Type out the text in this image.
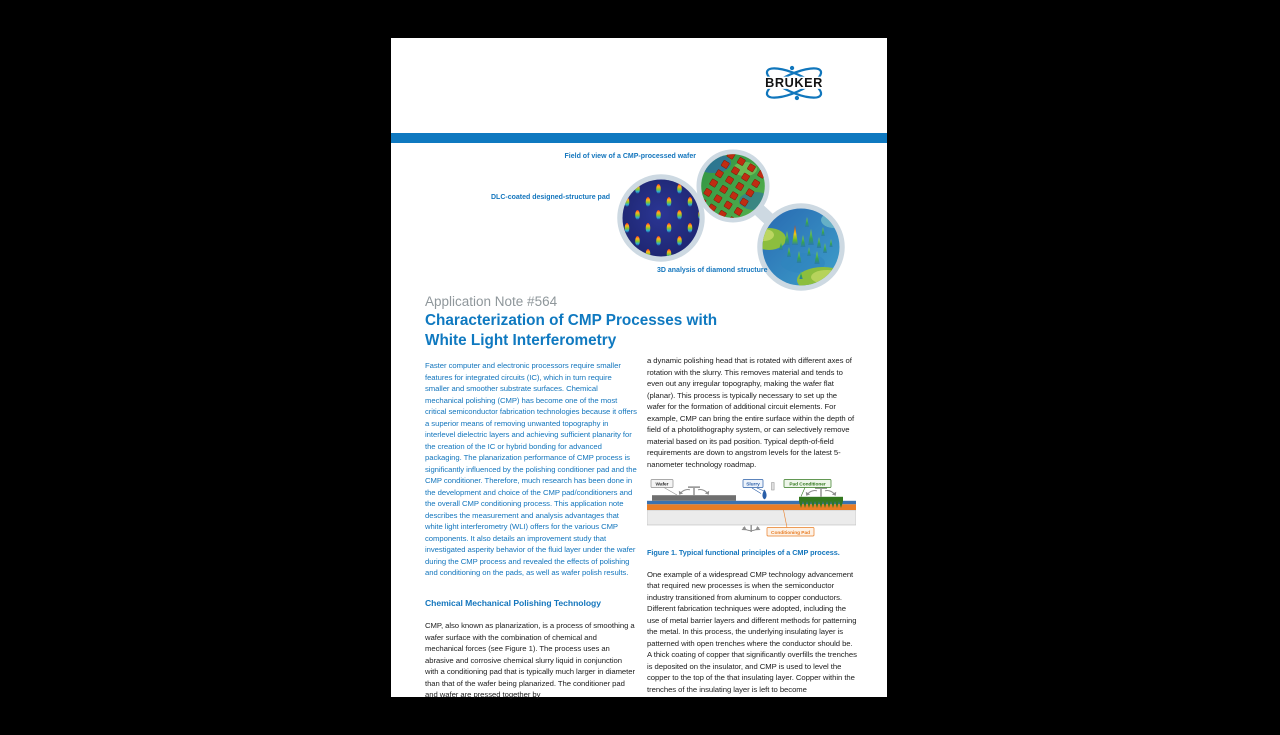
BRUKER
Field of view of a CMP-processed wafer
DLC-coated designed-structure pad
3D analysis of diamond structure
Application Note #564
Characterization of CMP Processes with
White Light Interferometry

Faster computer and electronic processors require smaller features for integrated circuits (IC), which in turn require smaller and smoother substrate surfaces. Chemical mechanical polishing (CMP) has become one of the most critical semiconductor fabrication technologies because it offers a superior means of removing unwanted topography in interlevel dielectric layers and achieving sufficient planarity for the creation of the IC or hybrid bonding for advanced packaging. The planarization performance of CMP process is significantly influenced by the polishing conditioner pad and the CMP conditioner. Therefore, much research has been done in the development and choice of the CMP pad/conditioners and the overall CMP conditioning process. This application note describes the measurement and analysis advantages that white light interferometry (WLI) offers for the various CMP components. It also details an improvement study that investigated asperity behavior of the fluid layer under the wafer during the CMP process and revealed the effects of polishing and conditioning on the pads, as well as wafer polish results.

Chemical Mechanical Polishing Technology

CMP, also known as planarization, is a process of smoothing a wafer surface with the combination of chemical and mechanical forces (see Figure 1). The process uses an abrasive and corrosive chemical slurry liquid in conjunction with a conditioning pad that is typically much larger in diameter than that of the wafer being planarized. The conditioner pad and wafer are pressed together by

a dynamic polishing head that is rotated with different axes of rotation with the slurry. This removes material and tends to even out any irregular topography, making the wafer flat (planar). This process is typically necessary to set up the wafer for the formation of additional circuit elements. For example, CMP can bring the entire surface within the depth of field of a photolithography system, or can selectively remove material based on its pad position. Typical depth-of-field requirements are down to angstrom levels for the latest 5-nanometer technology roadmap.

Wafer	Slurry	Pad Conditioner
Conditioning Pad

Figure 1. Typical functional principles of a CMP process.

One example of a widespread CMP technology advancement that required new processes is when the semiconductor industry transitioned from aluminum to copper conductors. Different fabrication techniques were adopted, including the use of metal barrier layers and different methods for patterning the metal. In this process, the underlying insulating layer is patterned with open trenches where the conductor should be. A thick coating of copper that significantly overfills the trenches is deposited on the insulator, and CMP is used to level the copper to the top of the that insulating layer. Copper within the trenches of the insulating layer is left to become
